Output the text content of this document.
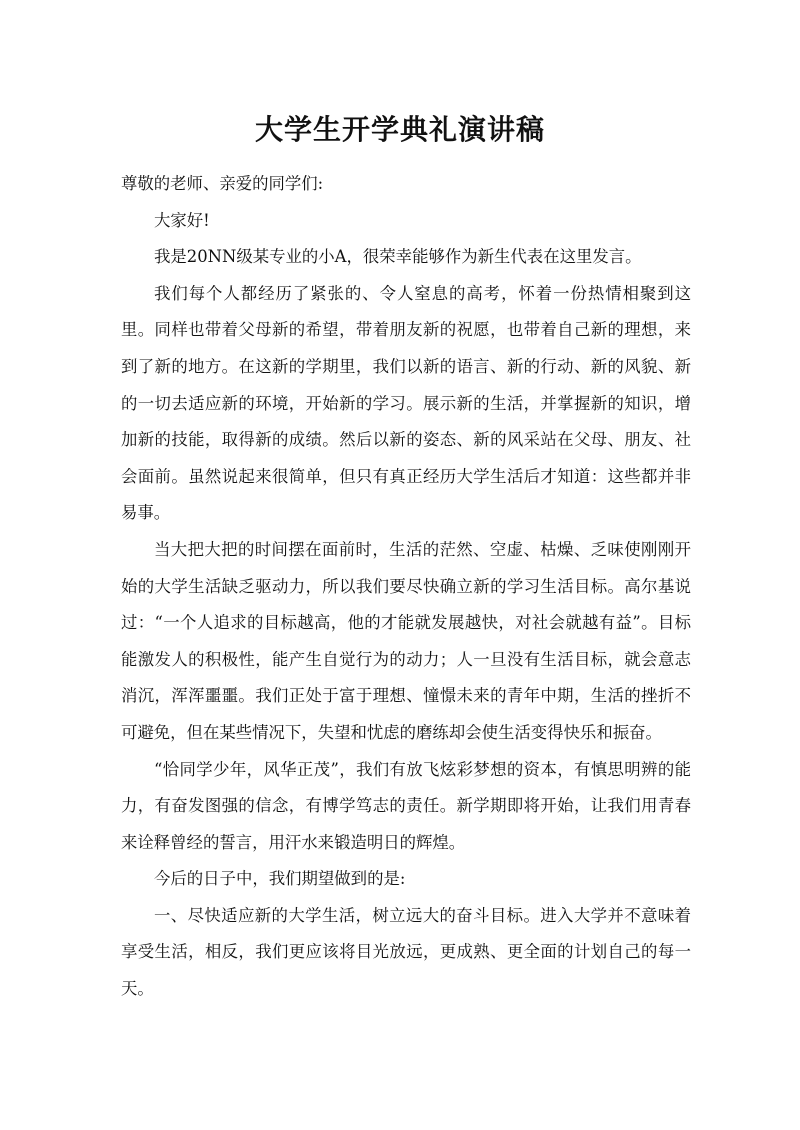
大学生开学典礼演讲稿

尊敬的老师、亲爱的同学们:

大家好!

我是20NN级某专业的小A，很荣幸能够作为新生代表在这里发言。

我们每个人都经历了紧张的、令人窒息的高考，怀着一份热情相聚到这里。同样也带着父母新的希望，带着朋友新的祝愿，也带着自己新的理想，来到了新的地方。在这新的学期里，我们以新的语言、新的行动、新的风貌、新的一切去适应新的环境，开始新的学习。展示新的生活，并掌握新的知识，增加新的技能，取得新的成绩。然后以新的姿态、新的风采站在父母、朋友、社会面前。虽然说起来很简单，但只有真正经历大学生活后才知道：这些都并非易事。

当大把大把的时间摆在面前时，生活的茫然、空虚、枯燥、乏味使刚刚开始的大学生活缺乏驱动力，所以我们要尽快确立新的学习生活目标。高尔基说过：“一个人追求的目标越高，他的才能就发展越快，对社会就越有益”。目标能激发人的积极性，能产生自觉行为的动力；人一旦没有生活目标，就会意志消沉，浑浑噩噩。我们正处于富于理想、憧憬未来的青年中期，生活的挫折不可避免，但在某些情况下，失望和忧虑的磨练却会使生活变得快乐和振奋。

“恰同学少年，风华正茂”，我们有放飞炫彩梦想的资本，有慎思明辨的能力，有奋发图强的信念，有博学笃志的责任。新学期即将开始，让我们用青春来诠释曾经的誓言，用汗水来锻造明日的辉煌。

今后的日子中，我们期望做到的是:

一、尽快适应新的大学生活，树立远大的奋斗目标。进入大学并不意味着享受生活，相反，我们更应该将目光放远，更成熟、更全面的计划自己的每一天。
